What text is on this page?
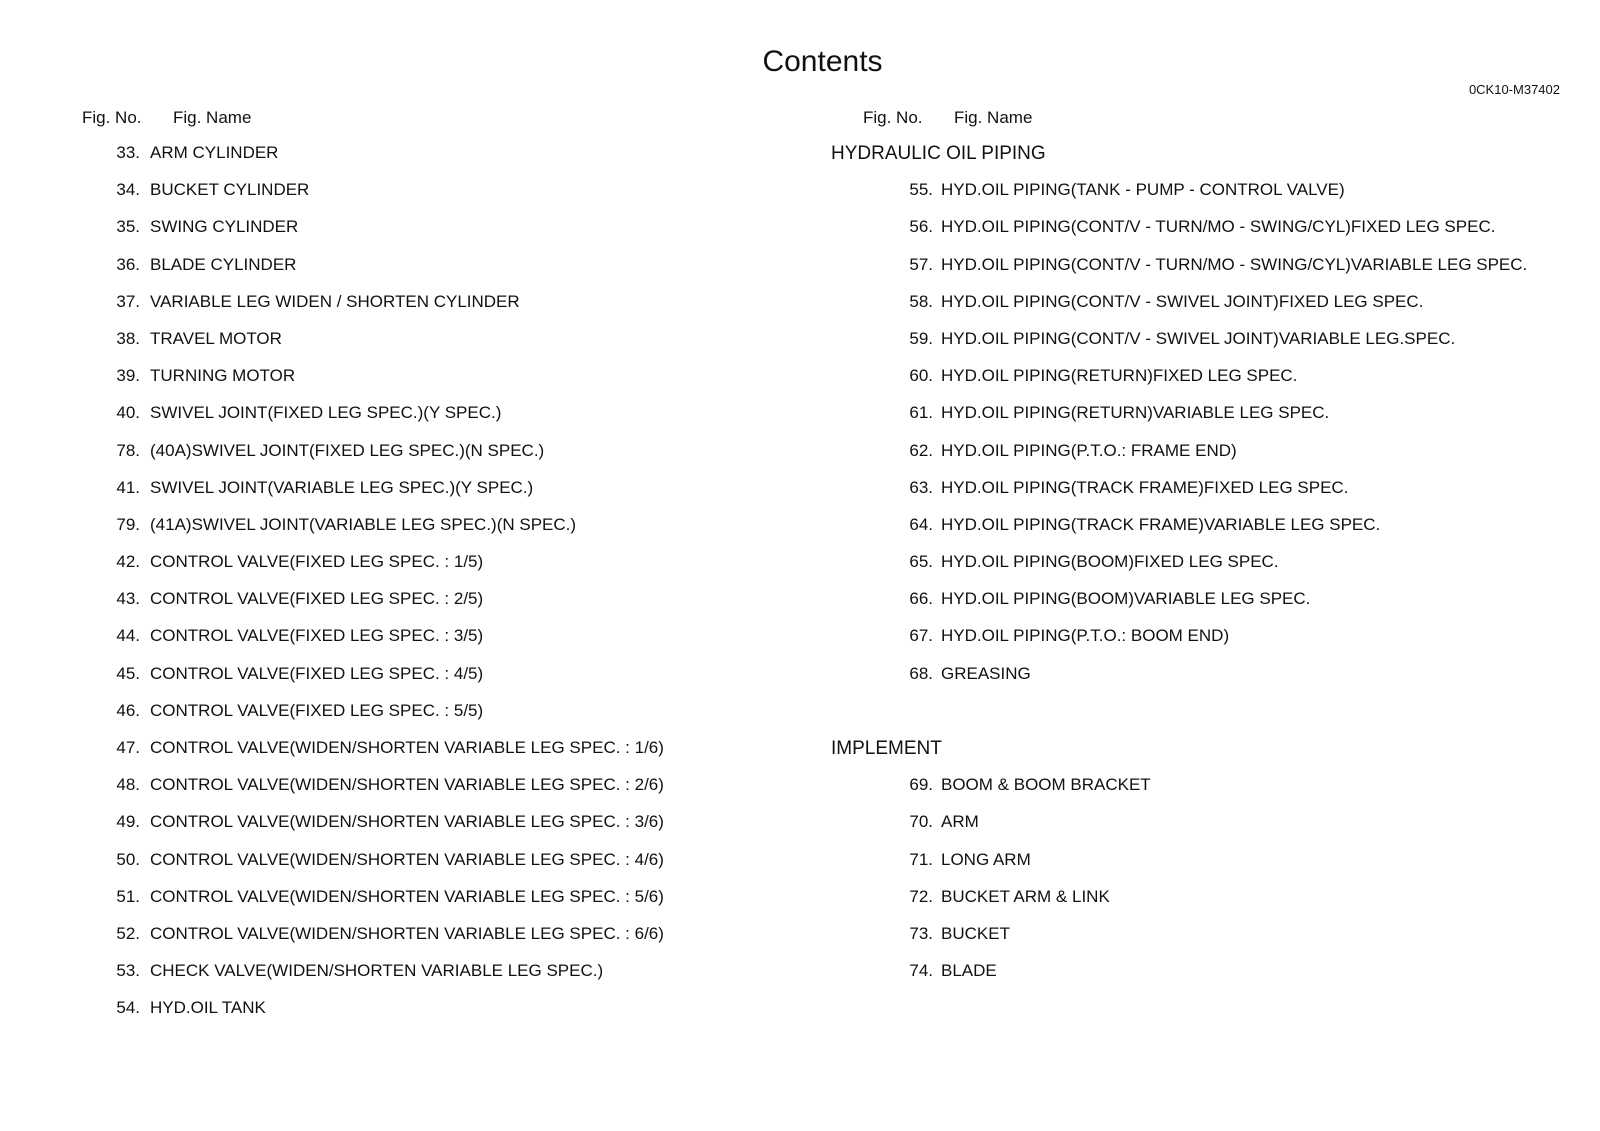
Contents
0CK10-M37402
Fig. No. Fig. Name	Fig. No. Fig. Name
33. ARM CYLINDER
34. BUCKET CYLINDER
35. SWING CYLINDER
36. BLADE CYLINDER
37. VARIABLE LEG WIDEN / SHORTEN CYLINDER
38. TRAVEL MOTOR
39. TURNING MOTOR
40. SWIVEL JOINT(FIXED LEG SPEC.)(Y SPEC.)
78. (40A)SWIVEL JOINT(FIXED LEG SPEC.)(N SPEC.)
41. SWIVEL JOINT(VARIABLE LEG SPEC.)(Y SPEC.)
79. (41A)SWIVEL JOINT(VARIABLE LEG SPEC.)(N SPEC.)
42. CONTROL VALVE(FIXED LEG SPEC. : 1/5)
43. CONTROL VALVE(FIXED LEG SPEC. : 2/5)
44. CONTROL VALVE(FIXED LEG SPEC. : 3/5)
45. CONTROL VALVE(FIXED LEG SPEC. : 4/5)
46. CONTROL VALVE(FIXED LEG SPEC. : 5/5)
47. CONTROL VALVE(WIDEN/SHORTEN VARIABLE LEG SPEC. : 1/6)
48. CONTROL VALVE(WIDEN/SHORTEN VARIABLE LEG SPEC. : 2/6)
49. CONTROL VALVE(WIDEN/SHORTEN VARIABLE LEG SPEC. : 3/6)
50. CONTROL VALVE(WIDEN/SHORTEN VARIABLE LEG SPEC. : 4/6)
51. CONTROL VALVE(WIDEN/SHORTEN VARIABLE LEG SPEC. : 5/6)
52. CONTROL VALVE(WIDEN/SHORTEN VARIABLE LEG SPEC. : 6/6)
53. CHECK VALVE(WIDEN/SHORTEN VARIABLE LEG SPEC.)
54. HYD.OIL TANK
HYDRAULIC OIL PIPING
55. HYD.OIL PIPING(TANK - PUMP - CONTROL VALVE)
56. HYD.OIL PIPING(CONT/V - TURN/MO - SWING/CYL)FIXED LEG SPEC.
57. HYD.OIL PIPING(CONT/V - TURN/MO - SWING/CYL)VARIABLE LEG SPEC.
58. HYD.OIL PIPING(CONT/V - SWIVEL JOINT)FIXED LEG SPEC.
59. HYD.OIL PIPING(CONT/V - SWIVEL JOINT)VARIABLE LEG.SPEC.
60. HYD.OIL PIPING(RETURN)FIXED LEG SPEC.
61. HYD.OIL PIPING(RETURN)VARIABLE LEG SPEC.
62. HYD.OIL PIPING(P.T.O.: FRAME END)
63. HYD.OIL PIPING(TRACK FRAME)FIXED LEG SPEC.
64. HYD.OIL PIPING(TRACK FRAME)VARIABLE LEG SPEC.
65. HYD.OIL PIPING(BOOM)FIXED LEG SPEC.
66. HYD.OIL PIPING(BOOM)VARIABLE LEG SPEC.
67. HYD.OIL PIPING(P.T.O.: BOOM END)
68. GREASING
IMPLEMENT
69. BOOM & BOOM BRACKET
70. ARM
71. LONG ARM
72. BUCKET ARM & LINK
73. BUCKET
74. BLADE
